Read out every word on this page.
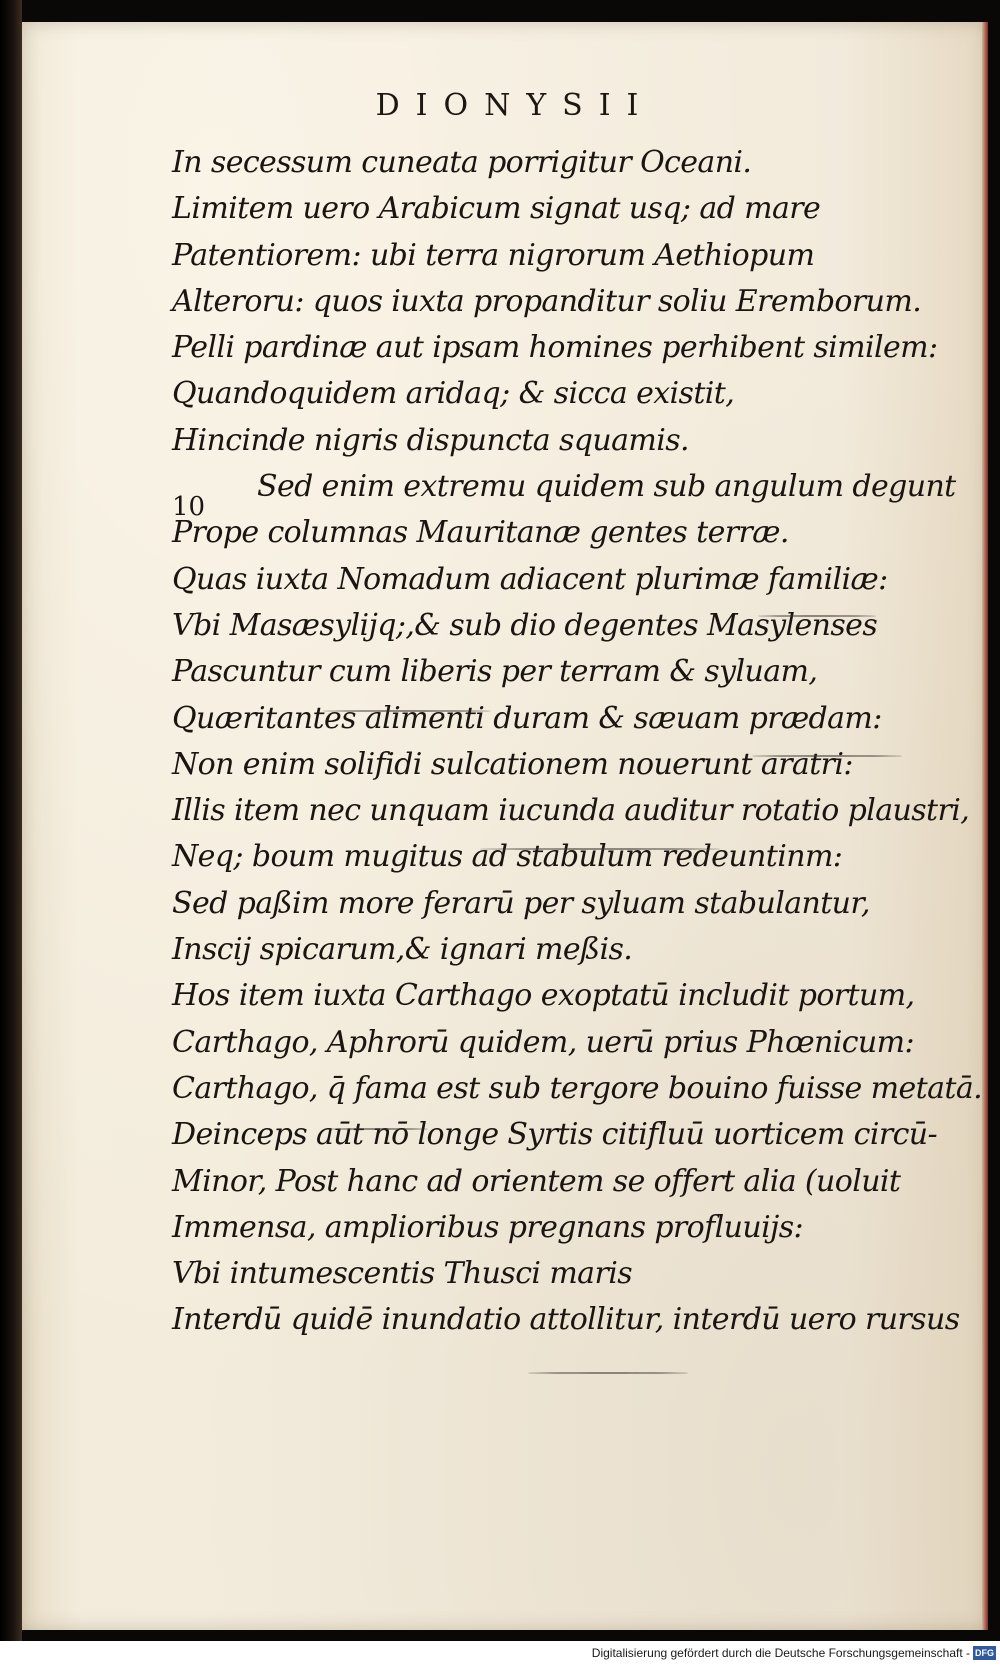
DIONYSII
10
In secessum cuneata porrigitur Oceani.
Limitem uero Arabicum signat usq; ad mare
Patentiorem: ubi terra nigrorum Aethiopum
Alteroru: quos iuxta propanditur soliu Eremborum.
Pelli pardinæ aut ipsam homines perhibent similem:
Quandoquidem aridaq; & sicca existit,
Hincinde nigris dispuncta squamis.
Sed enim extremu quidem sub angulum degunt
Prope columnas Mauritanæ gentes terræ.
Quas iuxta Nomadum adiacent plurimæ familiæ:
Vbi Masæsylijq;,& sub dio degentes Masylenses
Pascuntur cum liberis per terram & syluam,
Quæritantes alimenti duram & sæuam prædam:
Non enim solifidi sulcationem nouerunt aratri:
Illis item nec unquam iucunda auditur rotatio plaustri,
Neq; boum mugitus ad stabulum redeuntinm:
Sed paßim more ferarū per syluam stabulantur,
Inscij spicarum,& ignari meßis.
Hos item iuxta Carthago exoptatū includit portum,
Carthago, Aphrorū quidem, uerū prius Phœnicum:
Carthago, q̄ fama est sub tergore bouino fuisse metatā.
Deinceps aūt nō longe Syrtis citifluū uorticem circū-
Minor, Post hanc ad orientem se offert alia (uoluit
Immensa, amplioribus pregnans profluuijs:
Vbi intumescentis Thusci maris
Interdū quidē inundatio attollitur, interdū uero rursus
Digitalisierung gefördert durch die Deutsche Forschungsgemeinschaft - DFG
